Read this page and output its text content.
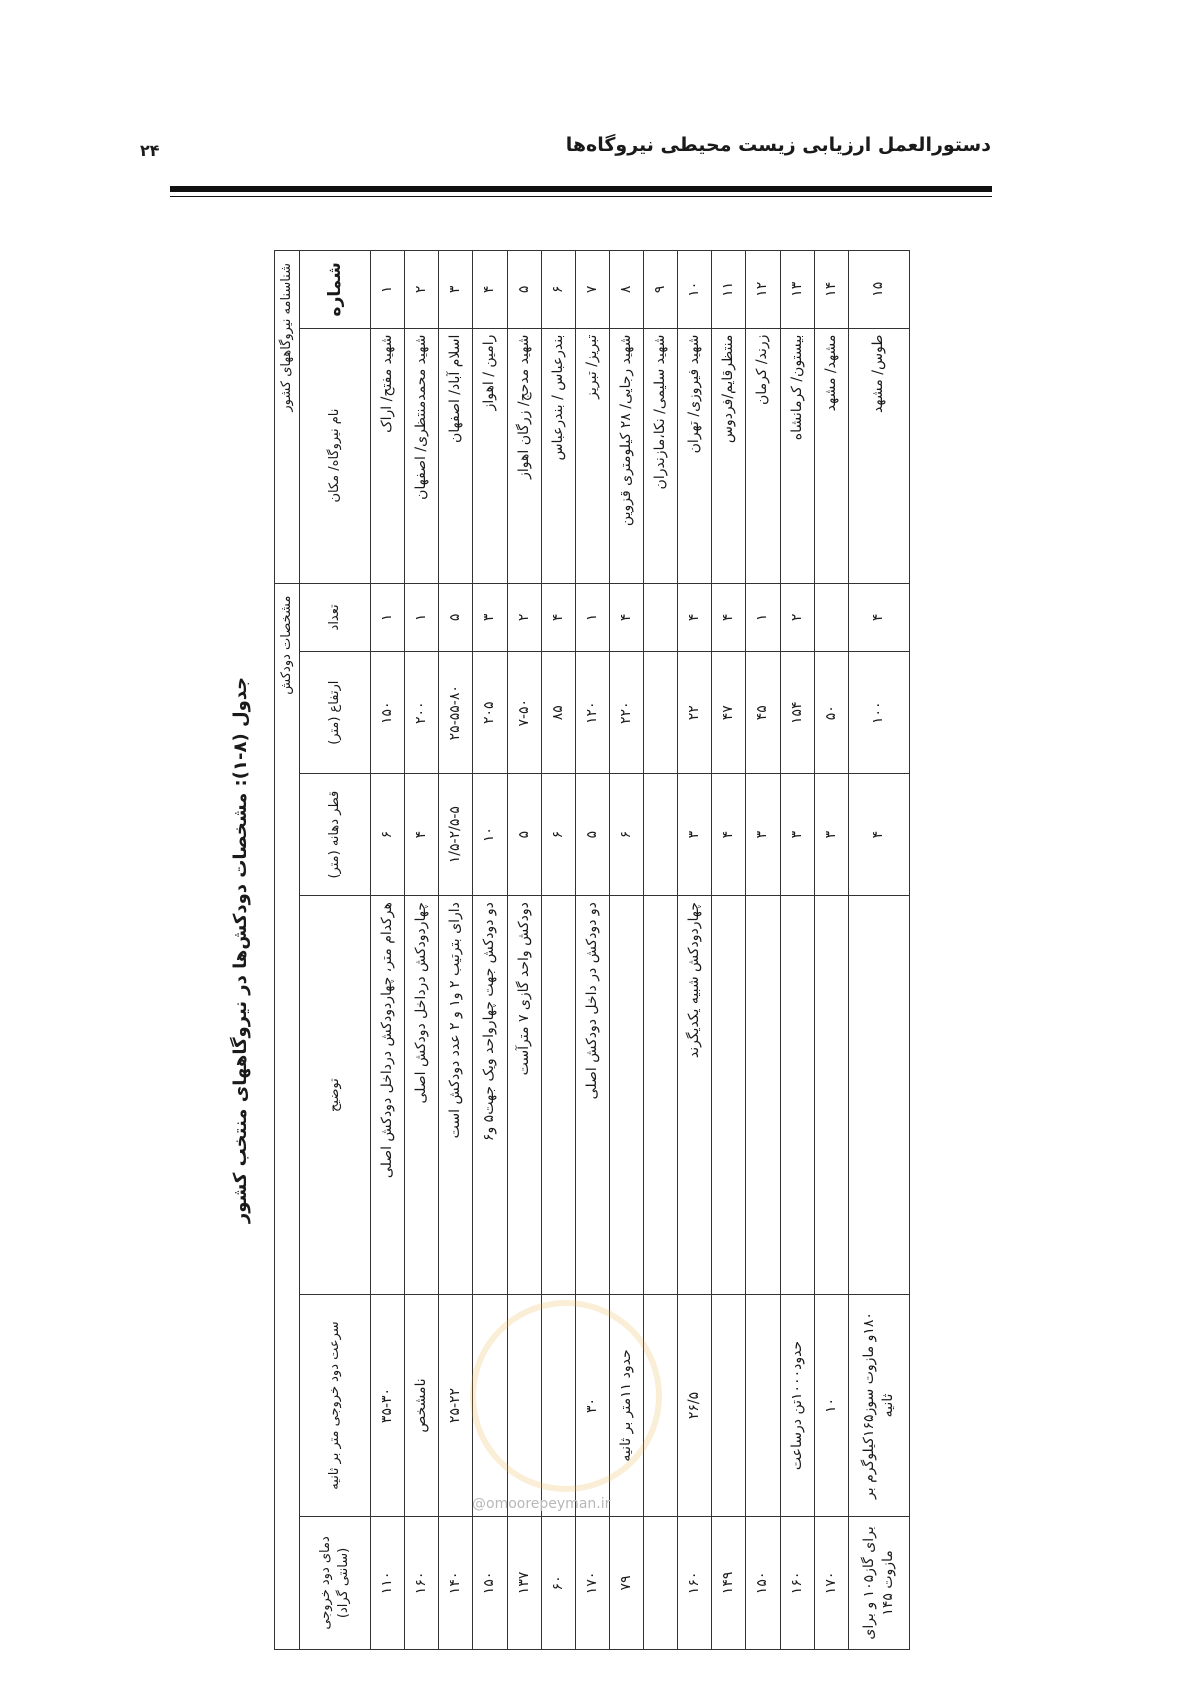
دستورالعمل ارزیابی زیست محیطی نیروگاه‌ها
۲۴
جدول (۸-۱): مشخصات دودکش‌ها در نیروگاههای منتخب کشور
شناسنامه نیروگاههای کشور		مشخصات دودکش					
شماره	نام نیروگاه/ مکان	تعداد	ارتفاع (متر)	قطر دهانه (متر)	توضیح	سرعت دود خروجی متر بر ثانیه	دمای دود خروجی (سانتی گراد)
۱	شهید مفتح/ اراک	۱	۱۵۰	۶	هرکدام متر، چهاردودکش درداخل دودکش اصلی	۳۵-۳۰	۱۱۰
۲	شهید محمدمنتظری/ اصفهان	۱	۲۰۰	۴	چهاردودکش درداخل دودکش اصلی	نامشخص	۱۶۰
۳	اسلام آباد/ اصفهان	۵	۲۵-۵۵-۸۰	۱/۵-۲/۵-۵	دارای بترتیب ۲ و۱ و ۲ عدد دودکش است	۲۵-۲۲	۱۴۰
۴	رامین / اهواز	۳	۲۰۵	۱۰	دو دودکش جهت چهارواحد ویک جهت۵ و۶		۱۵۰
۵	شهید مدحج/ زرگان اهواز	۲	۷-۵۰	۵	دودکش واحد گازی ۷ مترآست		۱۳۷
۶	بندرعباس / بندرعباس	۴	۸۵	۶			۶۰
۷	تبریز/ تبریز	۱	۱۲۰	۵	دو دودکش در داخل دودکش اصلی	۳۰	۱۷۰
۸	شهید رجایی/ ۲۸ کیلومتری قزوین	۴	۲۲۰	۶		حدود ۱۱متر بر ثانیه	۷۹
۹	شهید سلیمی/ نکا،مازندران						
۱۰	شهید فیروزی/ تهران	۴	۲۲	۳	چهاردودکش شبیه یکدیگرند	۲۶/۵	۱۶۰
۱۱	منتظرقایم/فردوس	۴	۴۷	۴			۱۴۹
۱۲	زرند/ کرمان	۱	۴۵	۳			۱۵۰
۱۳	بیستون/ کرمانشاه	۲	۱۵۴	۳		حدود۱۰۰۰تن درساعت	۱۶۰
۱۴	مشهد/ مشهد		۵۰	۳		۱۰	۱۷۰
۱۵	طوس/ مشهد	۴	۱۰۰	۴		۱۸۰و مازوت سوز۱۶۵کیلوگرم بر ثانیه	برای گاز۱۰۵ و برای مازوت ۱۴۵
@omoorepeyman.ir
